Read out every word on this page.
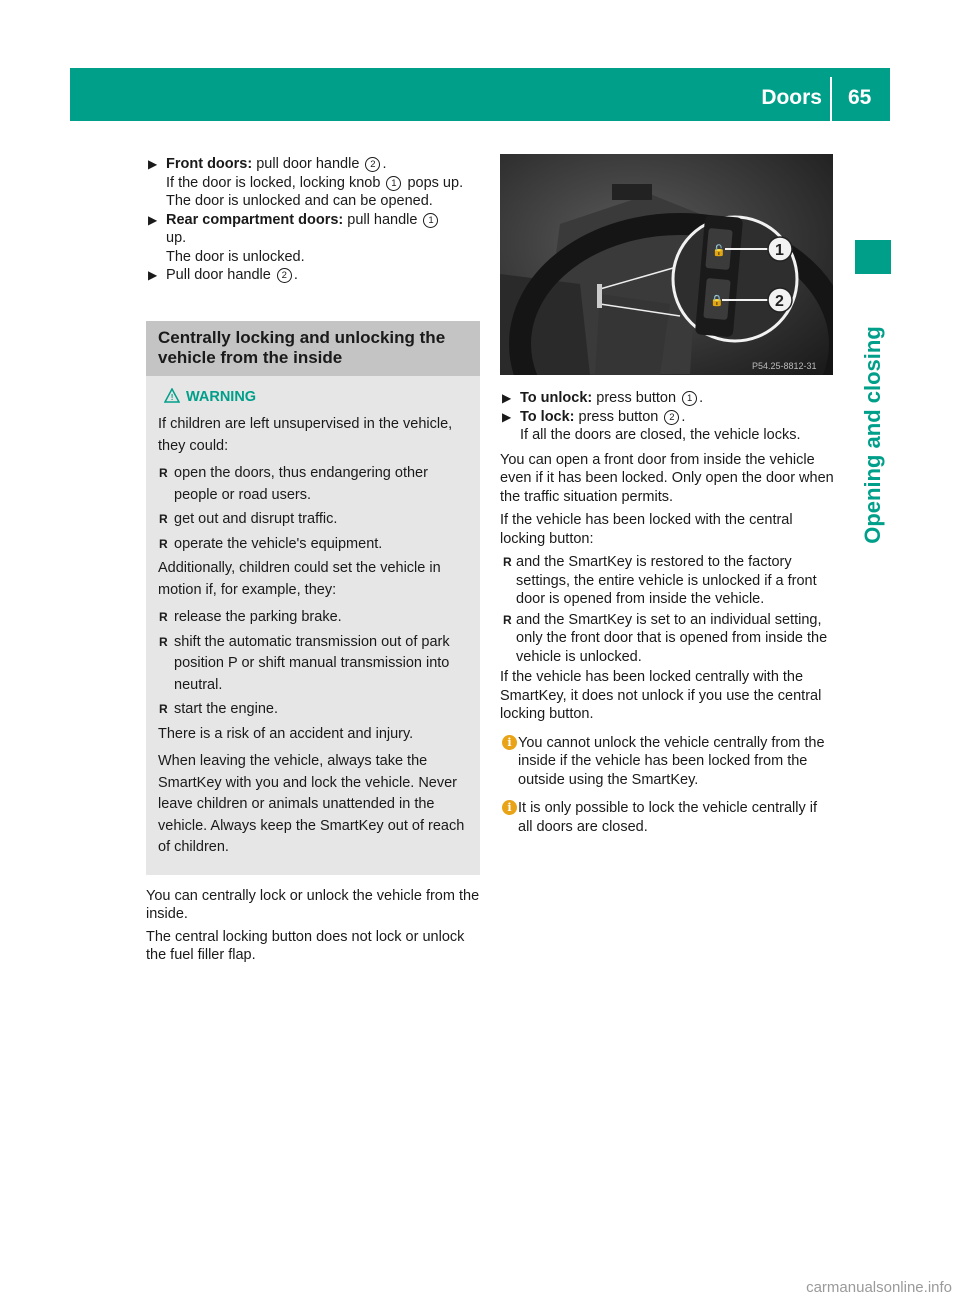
Doors 65
Opening and closing
▶ Front doors: pull door handle 2 .
If the door is locked, locking knob 1 pops up.
The door is unlocked and can be opened.
▶ Rear compartment doors: pull handle 1
up.
The door is unlocked.
▶ Pull door handle 2 .
Centrally locking and unlocking the vehicle from the inside
! WARNING

If children are left unsupervised in the vehicle, they could:

R open the doors, thus endangering other people or road users.
R get out and disrupt traffic.
R operate the vehicle's equipment.

Additionally, children could set the vehicle in motion if, for example, they:

R release the parking brake.
R shift the automatic transmission out of park position P or shift manual transmission into neutral.
R start the engine.

There is a risk of an accident and injury.

When leaving the vehicle, always take the SmartKey with you and lock the vehicle. Never leave children or animals unattended in the vehicle. Always keep the SmartKey out of reach of children.

You can centrally lock or unlock the vehicle from the inside.

The central locking button does not lock or unlock the fuel filler flap.

🔓
🔒
1
2
P54.25-8812-31
▶ To unlock: press button 1 .
▶ To lock: press button 2 .
If all the doors are closed, the vehicle locks.

You can open a front door from inside the vehicle even if it has been locked. Only open the door when the traffic situation permits.

If the vehicle has been locked with the central locking button:

R and the SmartKey is restored to the factory settings, the entire vehicle is unlocked if a front door is opened from inside the vehicle.
R and the SmartKey is set to an individual setting, only the front door that is opened from inside the vehicle is unlocked.

If the vehicle has been locked centrally with the SmartKey, it does not unlock if you use the central locking button.

i You cannot unlock the vehicle centrally from the inside if the vehicle has been locked from the outside using the SmartKey.
i It is only possible to lock the vehicle centrally if all doors are closed.
carmanualsonline.info
